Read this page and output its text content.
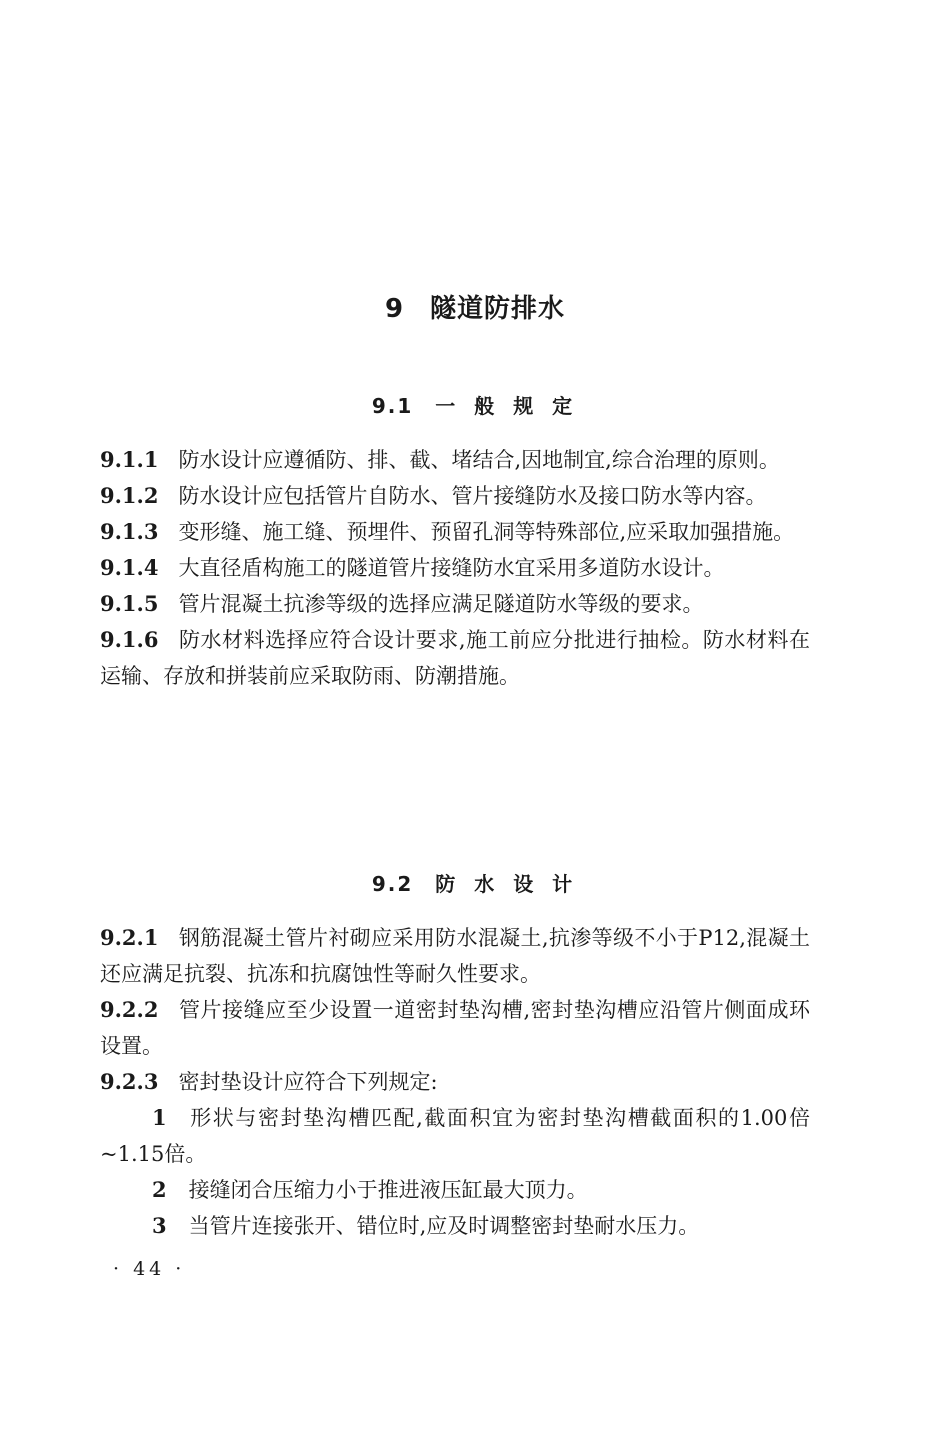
9 隧道防排水
9.1 一 般 规 定

9.1.1 防水设计应遵循防、排、截、堵结合,因地制宜,综合治理的原则。

9.1.2 防水设计应包括管片自防水、管片接缝防水及接口防水等内容。

9.1.3 变形缝、施工缝、预埋件、预留孔洞等特殊部位,应采取加强措施。

9.1.4 大直径盾构施工的隧道管片接缝防水宜采用多道防水设计。

9.1.5 管片混凝土抗渗等级的选择应满足隧道防水等级的要求。

9.1.6 防水材料选择应符合设计要求,施工前应分批进行抽检。防水材料在运输、存放和拼装前应采取防雨、防潮措施。

9.2 防 水 设 计

9.2.1 钢筋混凝土管片衬砌应采用防水混凝土,抗渗等级不小于P12,混凝土还应满足抗裂、抗冻和抗腐蚀性等耐久性要求。

9.2.2 管片接缝应至少设置一道密封垫沟槽,密封垫沟槽应沿管片侧面成环设置。

9.2.3 密封垫设计应符合下列规定:

1 形状与密封垫沟槽匹配,截面积宜为密封垫沟槽截面积的1.00倍~1.15倍。

2 接缝闭合压缩力小于推进液压缸最大顶力。

3 当管片连接张开、错位时,应及时调整密封垫耐水压力。

· 44 ·
